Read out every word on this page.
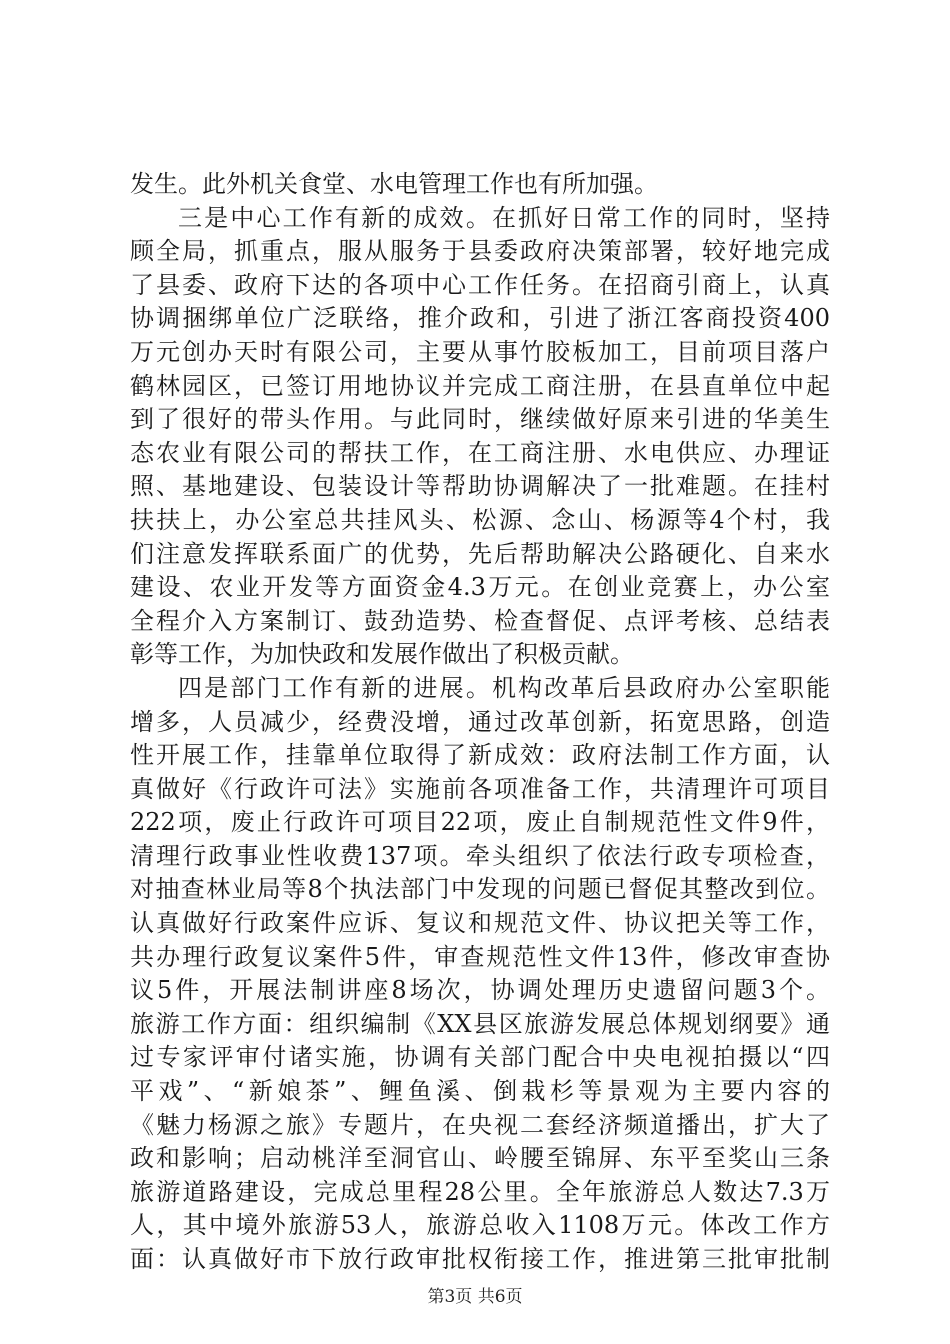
发生。此外机关食堂、水电管理工作也有所加强。
三是中心工作有新的成效。在抓好日常工作的同时，坚持
顾全局，抓重点，服从服务于县委政府决策部署，较好地完成
了县委、政府下达的各项中心工作任务。在招商引商上，认真
协调捆绑单位广泛联络，推介政和，引进了浙江客商投资400
万元创办天时有限公司，主要从事竹胶板加工，目前项目落户
鹤林园区，已签订用地协议并完成工商注册，在县直单位中起
到了很好的带头作用。与此同时，继续做好原来引进的华美生
态农业有限公司的帮扶工作，在工商注册、水电供应、办理证
照、基地建设、包装设计等帮助协调解决了一批难题。在挂村
扶扶上，办公室总共挂风头、松源、念山、杨源等4个村，我
们注意发挥联系面广的优势，先后帮助解决公路硬化、自来水
建设、农业开发等方面资金4.3万元。在创业竞赛上，办公室
全程介入方案制订、鼓劲造势、检查督促、点评考核、总结表
彰等工作，为加快政和发展作做出了积极贡献。
四是部门工作有新的进展。机构改革后县政府办公室职能
增多，人员减少，经费没增，通过改革创新，拓宽思路，创造
性开展工作，挂靠单位取得了新成效：政府法制工作方面，认
真做好《行政许可法》实施前各项准备工作，共清理许可项目
222项，废止行政许可项目22项，废止自制规范性文件9件，
清理行政事业性收费137项。牵头组织了依法行政专项检查，
对抽查林业局等8个执法部门中发现的问题已督促其整改到位。
认真做好行政案件应诉、复议和规范文件、协议把关等工作，
共办理行政复议案件5件，审查规范性文件13件，修改审查协
议5件，开展法制讲座8场次，协调处理历史遗留问题3个。
旅游工作方面：组织编制《XX县区旅游发展总体规划纲要》通
过专家评审付诸实施，协调有关部门配合中央电视拍摄以“四
平戏”、“新娘茶”、鲤鱼溪、倒栽杉等景观为主要内容的
《魅力杨源之旅》专题片，在央视二套经济频道播出，扩大了
政和影响；启动桃洋至洞官山、岭腰至锦屏、东平至奖山三条
旅游道路建设，完成总里程28公里。全年旅游总人数达7.3万
人，其中境外旅游53人，旅游总收入1108万元。体改工作方
面：认真做好市下放行政审批权衔接工作，推进第三批审批制
第3页 共6页
